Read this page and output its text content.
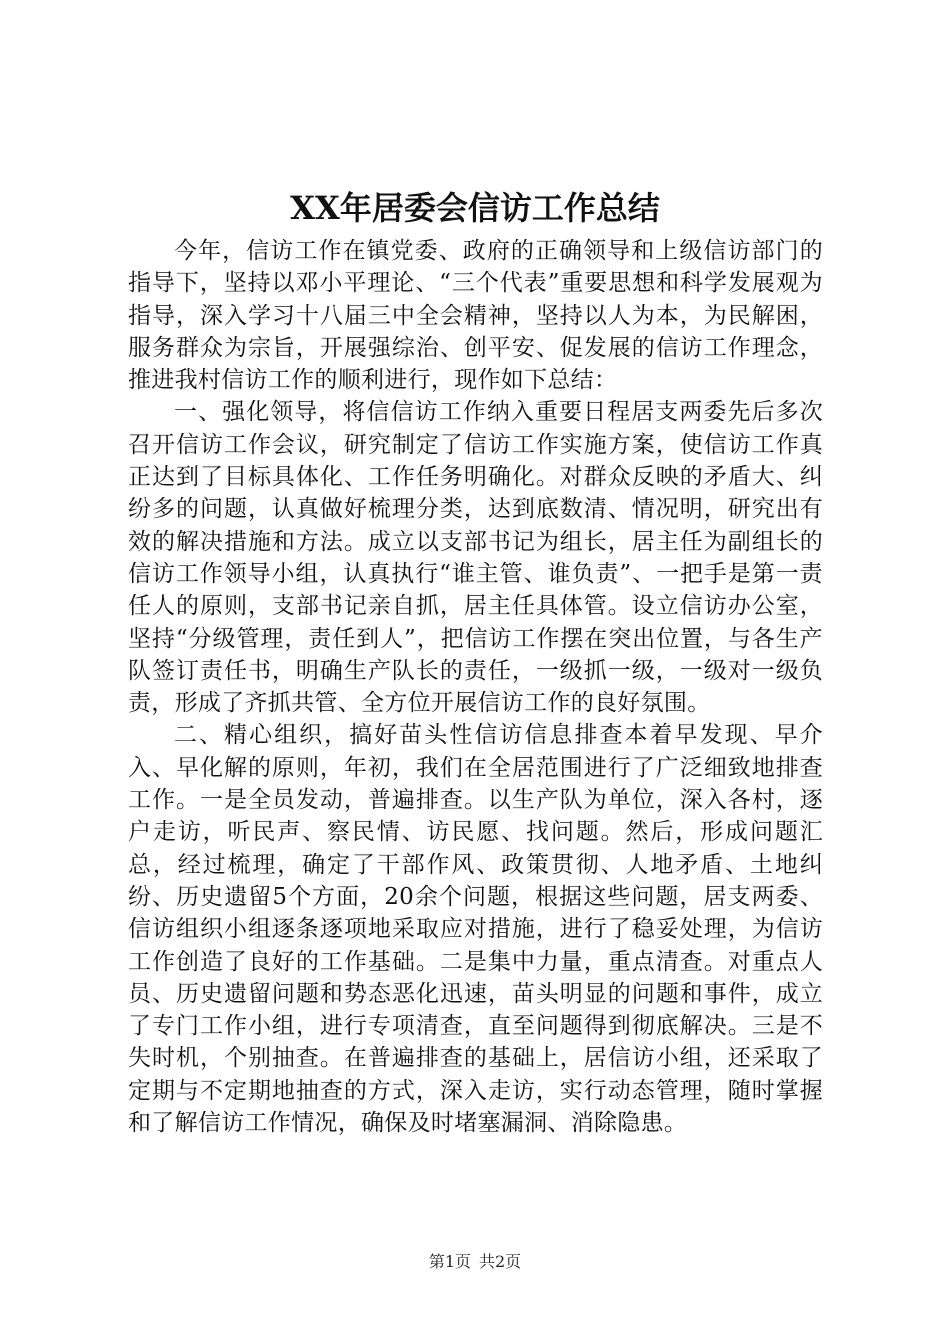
XX年居委会信访工作总结

今年，信访工作在镇党委、政府的正确领导和上级信访部门的指导下，坚持以邓小平理论、“三个代表”重要思想和科学发展观为指导，深入学习十八届三中全会精神，坚持以人为本，为民解困，服务群众为宗旨，开展强综治、创平安、促发展的信访工作理念，推进我村信访工作的顺利进行，现作如下总结：

一、强化领导，将信信访工作纳入重要日程居支两委先后多次召开信访工作会议，研究制定了信访工作实施方案，使信访工作真正达到了目标具体化、工作任务明确化。对群众反映的矛盾大、纠纷多的问题，认真做好梳理分类，达到底数清、情况明，研究出有效的解决措施和方法。成立以支部书记为组长，居主任为副组长的信访工作领导小组，认真执行“谁主管、谁负责”、一把手是第一责任人的原则，支部书记亲自抓，居主任具体管。设立信访办公室，坚持“分级管理，责任到人”，把信访工作摆在突出位置，与各生产队签订责任书，明确生产队长的责任，一级抓一级，一级对一级负责，形成了齐抓共管、全方位开展信访工作的良好氛围。

二、精心组织，搞好苗头性信访信息排查本着早发现、早介入、早化解的原则，年初，我们在全居范围进行了广泛细致地排查工作。一是全员发动，普遍排查。以生产队为单位，深入各村，逐户走访，听民声、察民情、访民愿、找问题。然后，形成问题汇总，经过梳理，确定了干部作风、政策贯彻、人地矛盾、土地纠纷、历史遗留5个方面，20余个问题，根据这些问题，居支两委、信访组织小组逐条逐项地采取应对措施，进行了稳妥处理，为信访工作创造了良好的工作基础。二是集中力量，重点清查。对重点人员、历史遗留问题和势态恶化迅速，苗头明显的问题和事件，成立了专门工作小组，进行专项清查，直至问题得到彻底解决。三是不失时机，个别抽查。在普遍排查的基础上，居信访小组，还采取了定期与不定期地抽查的方式，深入走访，实行动态管理，随时掌握和了解信访工作情况，确保及时堵塞漏洞、消除隐患。

第1页 共2页
